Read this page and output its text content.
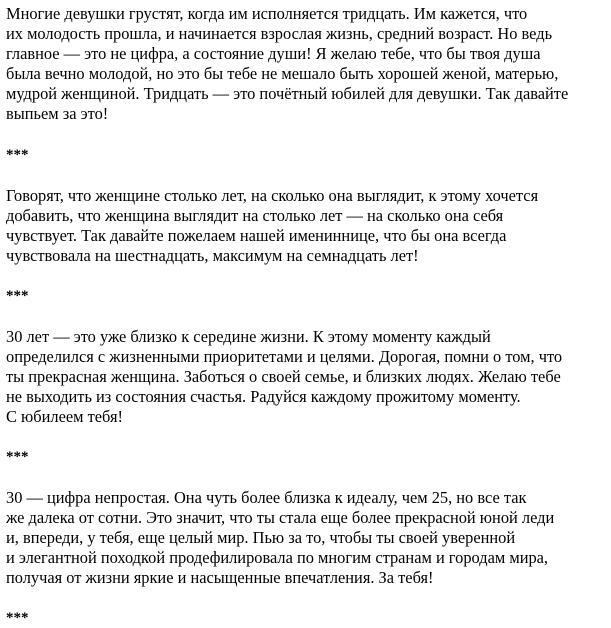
Многие девушки грустят, когда им исполняется тридцать. Им кажется, что
их молодость прошла, и начинается взрослая жизнь, средний возраст. Но ведь
главное — это не цифра, а состояние души! Я желаю тебе, что бы твоя душа
была вечно молодой, но это бы тебе не мешало быть хорошей женой, матерью,
мудрой женщиной. Тридцать — это почётный юбилей для девушки. Так давайте
выпьем за это!

***

Говорят, что женщине столько лет, на сколько она выглядит, к этому хочется
добавить, что женщина выглядит на столько лет — на сколько она себя
чувствует. Так давайте пожелаем нашей имениннице, что бы она всегда
чувствовала на шестнадцать, максимум на семнадцать лет!

***

30 лет — это уже близко к середине жизни. К этому моменту каждый
определился с жизненными приоритетами и целями. Дорогая, помни о том, что
ты прекрасная женщина. Заботься о своей семье, и близких людях. Желаю тебе
не выходить из состояния счастья. Радуйся каждому прожитому моменту.
С юбилеем тебя!

***

30 — цифра непростая. Она чуть более близка к идеалу, чем 25, но все так
же далека от сотни. Это значит, что ты стала еще более прекрасной юной леди
и, впереди, у тебя, еще целый мир. Пью за то, чтобы ты своей уверенной
и элегантной походкой продефилировала по многим странам и городам мира,
получая от жизни яркие и насыщенные впечатления. За тебя!

***
